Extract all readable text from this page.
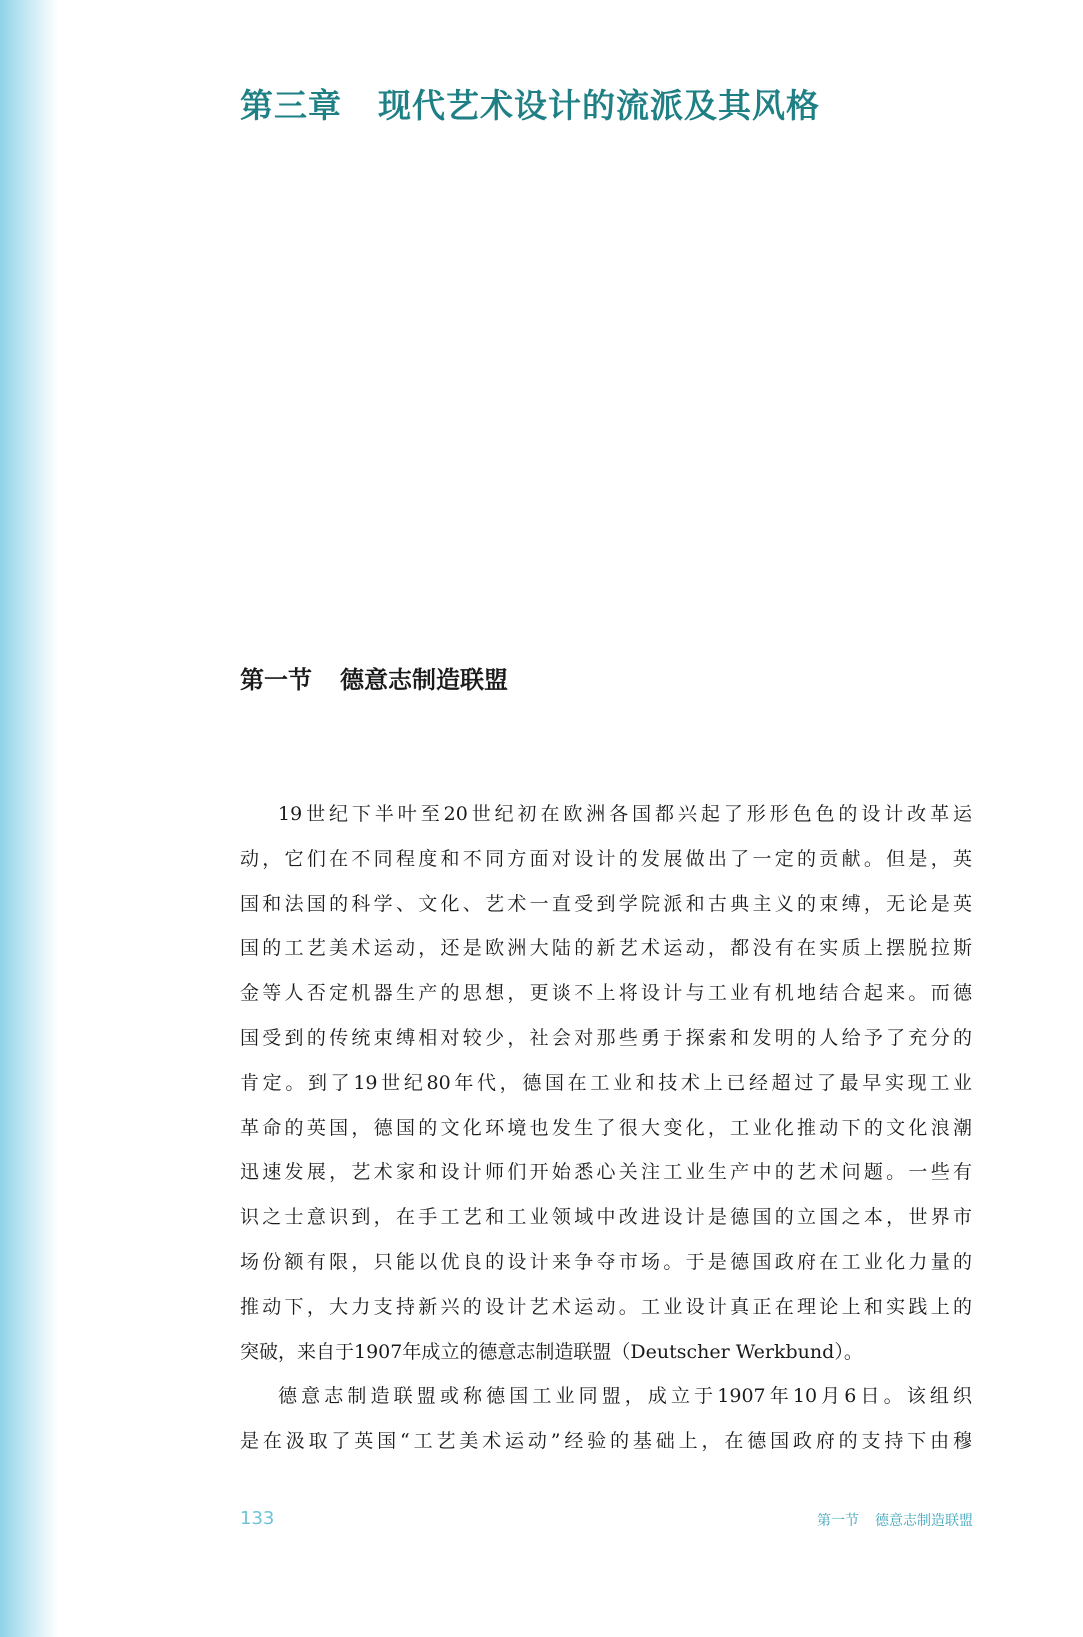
第三章 现代艺术设计的流派及其风格
第一节 德意志制造联盟
19世纪下半叶至20世纪初在欧洲各国都兴起了形形色色的设计改革运
动，它们在不同程度和不同方面对设计的发展做出了一定的贡献。但是，英
国和法国的科学、文化、艺术一直受到学院派和古典主义的束缚，无论是英
国的工艺美术运动，还是欧洲大陆的新艺术运动，都没有在实质上摆脱拉斯
金等人否定机器生产的思想，更谈不上将设计与工业有机地结合起来。而德
国受到的传统束缚相对较少，社会对那些勇于探索和发明的人给予了充分的
肯定。到了19世纪80年代，德国在工业和技术上已经超过了最早实现工业
革命的英国，德国的文化环境也发生了很大变化，工业化推动下的文化浪潮
迅速发展，艺术家和设计师们开始悉心关注工业生产中的艺术问题。一些有
识之士意识到，在手工艺和工业领域中改进设计是德国的立国之本，世界市
场份额有限，只能以优良的设计来争夺市场。于是德国政府在工业化力量的
推动下，大力支持新兴的设计艺术运动。工业设计真正在理论上和实践上的
突破，来自于1907年成立的德意志制造联盟（Deutscher Werkbund）。
德意志制造联盟或称德国工业同盟，成立于1907年10月6日。该组织
是在汲取了英国“工艺美术运动”经验的基础上，在德国政府的支持下由穆
133	第一节 德意志制造联盟
